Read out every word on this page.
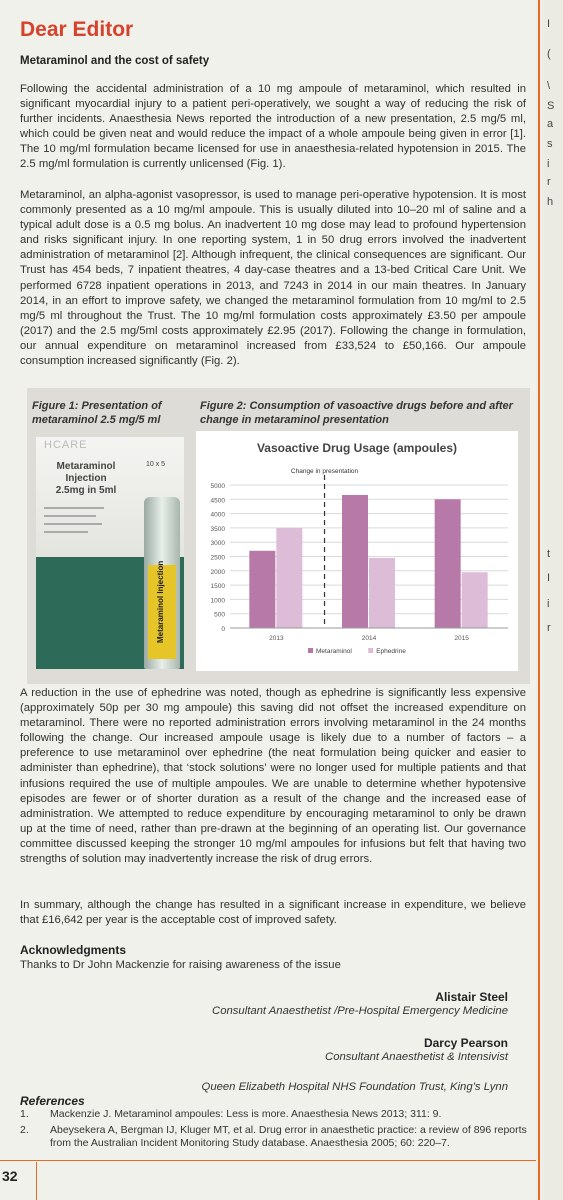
Dear Editor
Metaraminol and the cost of safety

Following the accidental administration of a 10 mg ampoule of metaraminol, which resulted in significant myocardial injury to a patient peri-operatively, we sought a way of reducing the risk of further incidents. Anaesthesia News reported the introduction of a new presentation, 2.5 mg/5 ml, which could be given neat and would reduce the impact of a whole ampoule being given in error [1]. The 10 mg/ml formulation became licensed for use in anaesthesia-related hypotension in 2015. The 2.5 mg/ml formulation is currently unlicensed (Fig. 1).

Metaraminol, an alpha-agonist vasopressor, is used to manage peri-operative hypotension. It is most commonly presented as a 10 mg/ml ampoule. This is usually diluted into 10–20 ml of saline and a typical adult dose is a 0.5 mg bolus. An inadvertent 10 mg dose may lead to profound hypertension and risks significant injury. In one reporting system, 1 in 50 drug errors involved the inadvertent administration of metaraminol [2]. Although infrequent, the clinical consequences are significant. Our Trust has 454 beds, 7 inpatient theatres, 4 day-case theatres and a 13-bed Critical Care Unit. We performed 6728 inpatient operations in 2013, and 7243 in 2014 in our main theatres. In January 2014, in an effort to improve safety, we changed the metaraminol formulation from 10 mg/ml to 2.5 mg/5 ml throughout the Trust. The 10 mg/ml formulation costs approximately £3.50 per ampoule (2017) and the 2.5 mg/5ml costs approximately £2.95 (2017). Following the change in formulation, our annual expenditure on metaraminol increased from £33,524 to £50,166. Our ampoule consumption increased significantly (Fig. 2).

Figure 1: Presentation of metaraminol 2.5 mg/5 ml
Figure 2: Consumption of vasoactive drugs before and after change in metaraminol presentation
HCARE
10 x 5
Metaraminol
Injection
2.5mg in 5ml
Metaraminol Injection
Vasoactive Drug Usage (ampoules)
0
500
1000
1500
2000
2500
3000
3500
4000
4500
5000
2013	2014	2015
Change in presentation
Metaraminol	Ephedrine

A reduction in the use of ephedrine was noted, though as ephedrine is significantly less expensive (approximately 50p per 30 mg ampoule) this saving did not offset the increased expenditure on metaraminol. There were no reported administration errors involving metaraminol in the 24 months following the change. Our increased ampoule usage is likely due to a number of factors – a preference to use metaraminol over ephedrine (the neat formulation being quicker and easier to administer than ephedrine), that ‘stock solutions’ were no longer used for multiple patients and that infusions required the use of multiple ampoules. We are unable to determine whether hypotensive episodes are fewer or of shorter duration as a result of the change and the increased ease of administration. We attempted to reduce expenditure by encouraging metaraminol to only be drawn up at the time of need, rather than pre-drawn at the beginning of an operating list. Our governance committee discussed keeping the stronger 10 mg/ml ampoules for infusions but felt that having two strengths of solution may inadvertently increase the risk of drug errors.

In summary, although the change has resulted in a significant increase in expenditure, we believe that £16,642 per year is the acceptable cost of improved safety.

Acknowledgments
Thanks to Dr John Mackenzie for raising awareness of the issue
Alistair Steel
Consultant Anaesthetist /Pre-Hospital Emergency Medicine
Darcy Pearson
Consultant Anaesthetist & Intensivist
Queen Elizabeth Hospital NHS Foundation Trust, King’s Lynn
References
1. Mackenzie J. Metaraminol ampoules: Less is more. Anaesthesia News 2013; 311: 9.
2. Abeysekera A, Bergman IJ, Kluger MT, et al. Drug error in anaesthetic practice: a review of 896 reports from the Australian Incident Monitoring Study database. Anaesthesia 2005; 60: 220–7.
32
I
(
\
S
a
s
i
r
h
t
I
i
r
